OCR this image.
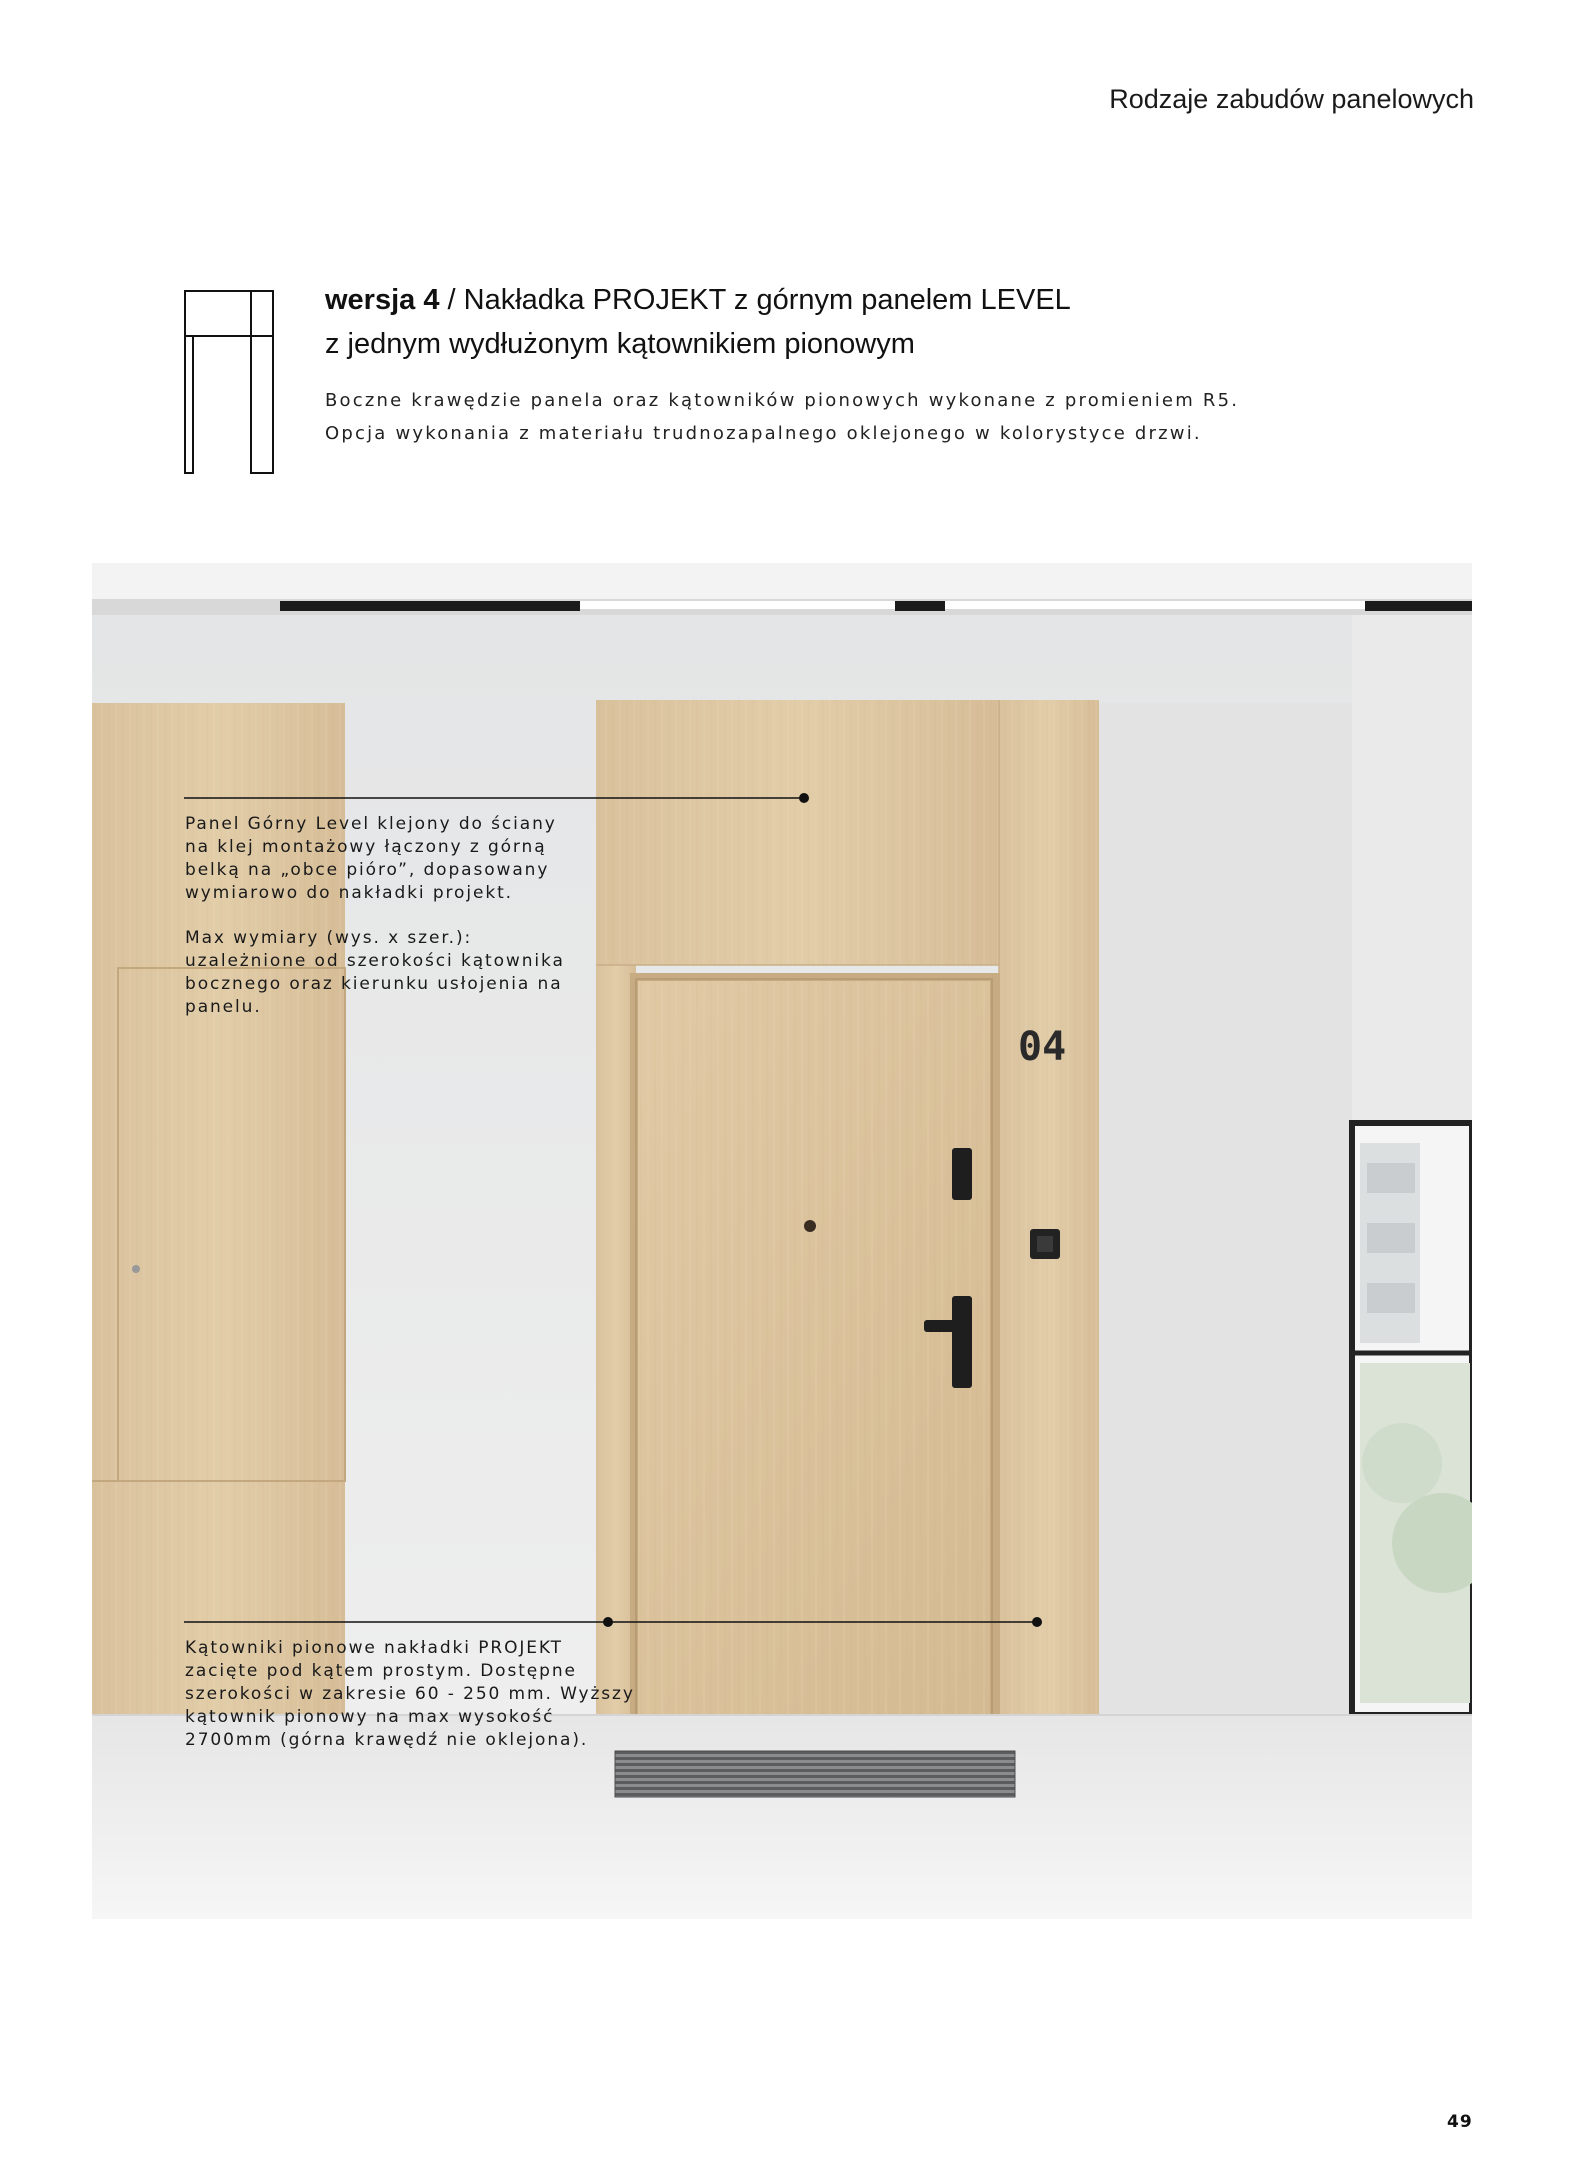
Rodzaje zabudów panelowych
wersja 4 / Nakładka PROJEKT z górnym panelem LEVEL
z jednym wydłużonym kątownikiem pionowym
Boczne krawędzie panela oraz kątowników pionowych wykonane z promieniem R5.
Opcja wykonania z materiału trudnozapalnego oklejonego w kolorystyce drzwi.
04
Panel Górny Level klejony do ściany
na klej montażowy łączony z górną
belką na „obce pióro”, dopasowany
wymiarowo do nakładki projekt.
Max wymiary (wys. x szer.):
uzależnione od szerokości kątownika
bocznego oraz kierunku usłojenia na
panelu.
Kątowniki pionowe nakładki PROJEKT
zacięte pod kątem prostym. Dostępne
szerokości w zakresie 60 - 250 mm. Wyższy
kątownik pionowy na max wysokość
2700mm (górna krawędź nie oklejona).
49
